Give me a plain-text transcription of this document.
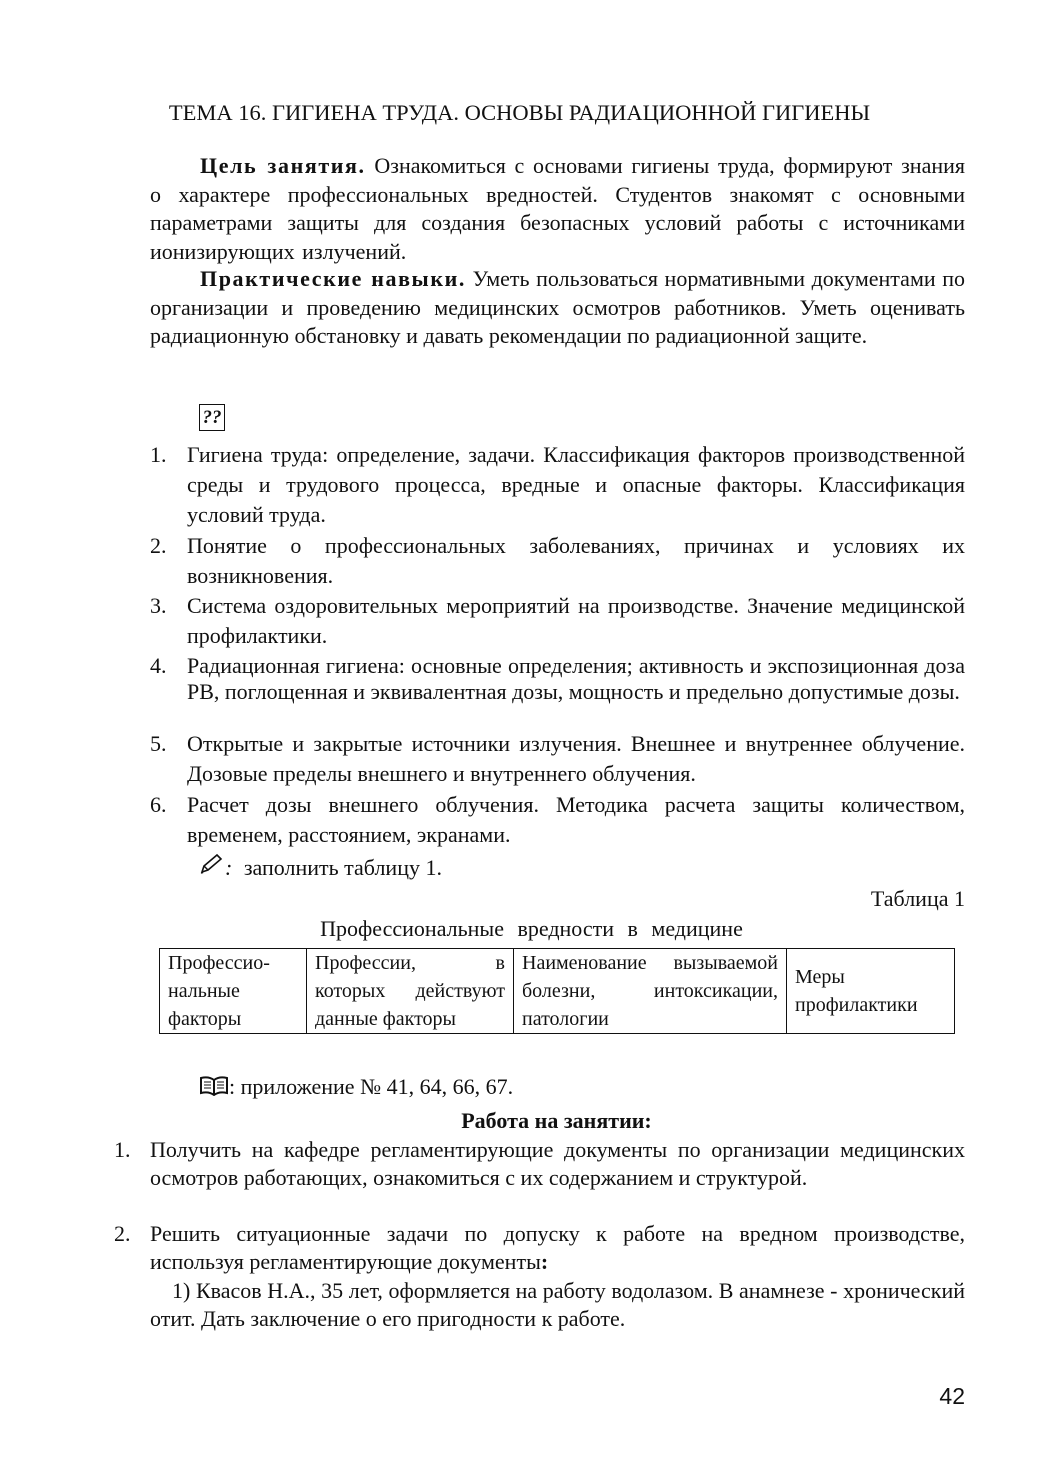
ТЕМА 16. ГИГИЕНА ТРУДА. ОСНОВЫ РАДИАЦИОННОЙ ГИГИЕНЫ
Цель занятия. Ознакомиться с основами гигиены труда, формируют знания о характере профессиональных вредностей. Студентов знакомят с основными параметрами защиты для создания безопасных условий работы с источниками ионизирующих излучений.
Практические навыки. Уметь пользоваться нормативными документами по организации и проведению медицинских осмотров работников. Уметь оценивать радиационную обстановку и давать рекомендации по радиационной защите.
??
1. Гигиена труда: определение, задачи. Классификация факторов производственной среды и трудового процесса, вредные и опасные факторы. Классификация условий труда.
2. Понятие о профессиональных заболеваниях, причинах и условиях их возникновения.
3. Система оздоровительных мероприятий на производстве. Значение медицинской профилактики.
4. Радиационная гигиена: основные определения; активность и экспозиционная доза РВ, поглощенная и эквивалентная дозы, мощность и предельно допустимые дозы.
5. Открытые и закрытые источники излучения. Внешнее и внутреннее облучение. Дозовые пределы внешнего и внутреннего облучения.
6. Расчет дозы внешнего облучения. Методика расчета защиты количеством, временем, расстоянием, экранами.
: заполнить таблицу 1.
Таблица 1
Профессиональные вредности в медицине
Профессио-нальные факторы	Профессии, в которых действуют данные факторы	Наименование вызываемой болезни, интоксикации, патологии	Меры профилактики
: приложение № 41, 64, 66, 67.
Работа на занятии:
1. Получить на кафедре регламентирующие документы по организации медицинских осмотров работающих, ознакомиться с их содержанием и структурой.
2. Решить ситуационные задачи по допуску к работе на вредном производстве, используя регламентирующие документы:
1) Квасов Н.А., 35 лет, оформляется на работу водолазом. В анамнезе - хронический отит. Дать заключение о его пригодности к работе.
42
